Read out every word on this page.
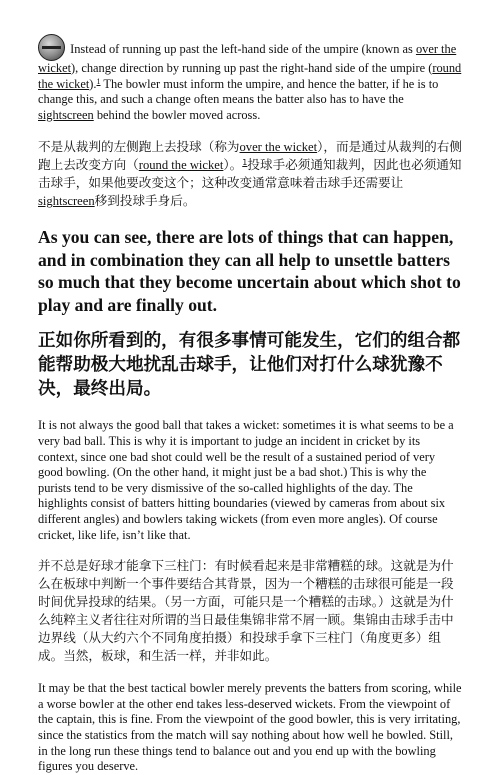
Instead of running up past the left-hand side of the umpire (known as over the wicket), change direction by running up past the right-hand side of the umpire (round the wicket).$^1$ The bowler must inform the umpire, and hence the batter, if he is to change this, and such a change often means the batter also has to have the sightscreen behind the bowler moved across.

不是从裁判的左侧跑上去投球（称为over the wicket），而是通过从裁判的右侧跑上去改变方向（round the wicket）。$^1$投球手必须通知裁判，因此也必须通知击球手，如果他要改变这个；这种改变通常意味着击球手还需要让 sightscreen移到投球手身后。

As you can see, there are lots of things that can happen, and in combination they can all help to unsettle batters so much that they become uncertain about which shot to play and are finally out.

正如你所看到的，有很多事情可能发生，它们的组合都能帮助极大地扰乱击球手，让他们对打什么球犹豫不决，最终出局。

It is not always the good ball that takes a wicket: sometimes it is what seems to be a very bad ball. This is why it is important to judge an incident in cricket by its context, since one bad shot could well be the result of a sustained period of very good bowling. (On the other hand, it might just be a bad shot.) This is why the purists tend to be very dismissive of the so-called highlights of the day. The highlights consist of batters hitting boundaries (viewed by cameras from about six different angles) and bowlers taking wickets (from even more angles). Of course cricket, like life, isn’t like that.

并不总是好球才能拿下三柱门：有时候看起来是非常糟糕的球。这就是为什么在板球中判断一个事件要结合其背景，因为一个糟糕的击球很可能是一段时间优异投球的结果。（另一方面，可能只是一个糟糕的击球。）这就是为什么纯粹主义者往往对所谓的当日最佳集锦非常不屑一顾。集锦由击球手击中边界线（从大约六个不同角度拍摄）和投球手拿下三柱门（角度更多）组成。当然，板球，和生活一样，并非如此。

It may be that the best tactical bowler merely prevents the batters from scoring, while a worse bowler at the other end takes less-deserved wickets. From the viewpoint of the captain, this is fine. From the viewpoint of the good bowler, this is very irritating, since the statistics from the match will say nothing about how well he bowled. Still, in the long run these things tend to balance out and you end up with the bowling figures you deserve.
